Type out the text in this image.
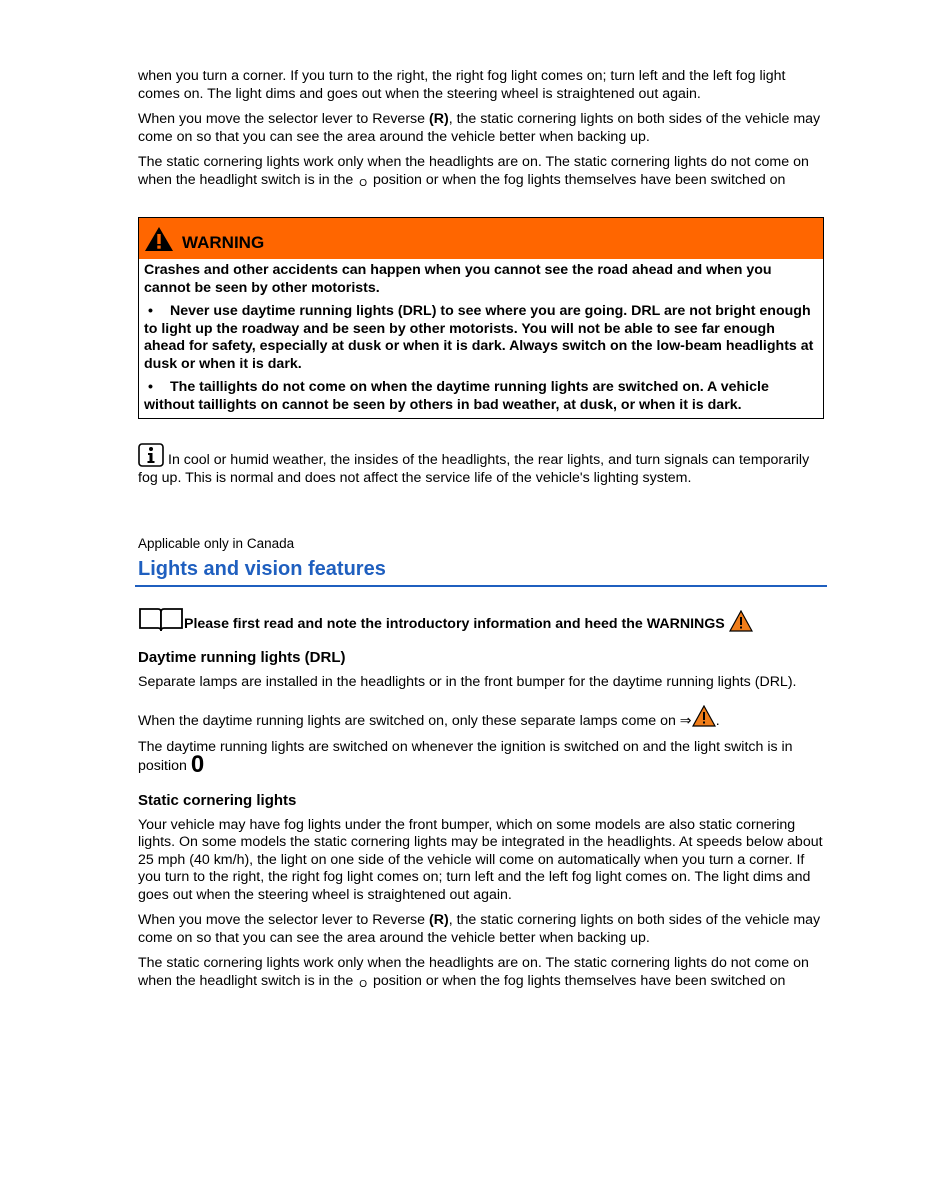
when you turn a corner. If you turn to the right, the right fog light comes on; turn left and the left fog light comes on. The light dims and goes out when the steering wheel is straightened out again.

When you move the selector lever to Reverse (R), the static cornering lights on both sides of the vehicle may come on so that you can see the area around the vehicle better when backing up.

The static cornering lights work only when the headlights are on. The static cornering lights do not come on when the headlight switch is in the O position or when the fog lights themselves have been switched on

WARNING

Crashes and other accidents can happen when you cannot see the road ahead and when you cannot be seen by other motorists.

• Never use daytime running lights (DRL) to see where you are going. DRL are not bright enough to light up the roadway and be seen by other motorists. You will not be able to see far enough ahead for safety, especially at dusk or when it is dark. Always switch on the low-beam headlights at dusk or when it is dark.

• The taillights do not come on when the daytime running lights are switched on. A vehicle without taillights on cannot be seen by others in bad weather, at dusk, or when it is dark.

In cool or humid weather, the insides of the headlights, the rear lights, and turn signals can temporarily fog up. This is normal and does not affect the service life of the vehicle's lighting system.

Applicable only in Canada

Lights and vision features
Please first read and note the introductory information and heed the WARNINGS
Daytime running lights (DRL)

Separate lamps are installed in the headlights or in the front bumper for the daytime running lights (DRL).

When the daytime running lights are switched on, only these separate lamps come on ⇒ .

The daytime running lights are switched on whenever the ignition is switched on and the light switch is in position 0

Static cornering lights

Your vehicle may have fog lights under the front bumper, which on some models are also static cornering lights. On some models the static cornering lights may be integrated in the headlights. At speeds below about 25 mph (40 km/h), the light on one side of the vehicle will come on automatically when you turn a corner. If you turn to the right, the right fog light comes on; turn left and the left fog light comes on. The light dims and goes out when the steering wheel is straightened out again.

When you move the selector lever to Reverse (R), the static cornering lights on both sides of the vehicle may come on so that you can see the area around the vehicle better when backing up.

The static cornering lights work only when the headlights are on. The static cornering lights do not come on when the headlight switch is in the O position or when the fog lights themselves have been switched on
